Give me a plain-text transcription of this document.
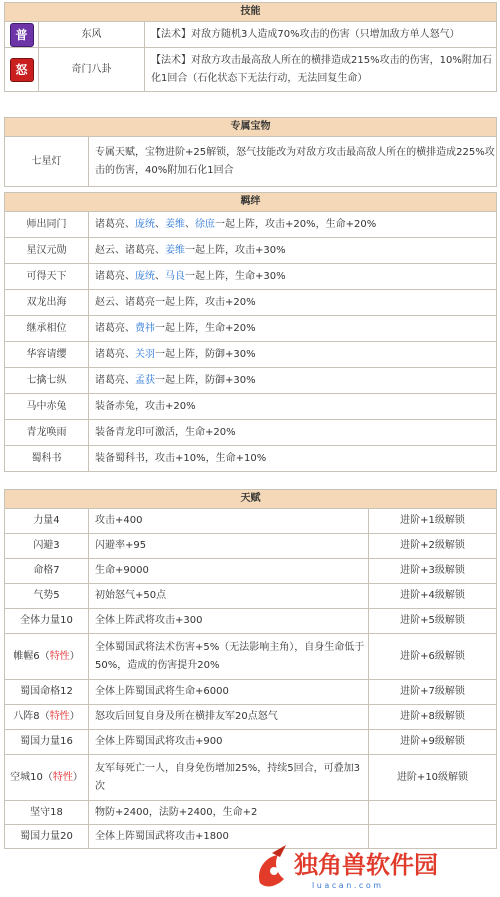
技能		
普	东风	【法术】对敌方随机3人造成70%攻击的伤害（只增加敌方单人怒气）
怒	奇门八卦	【法术】对敌方攻击最高敌人所在的横排造成215%攻击的伤害，10%附加石化1回合（石化状态下无法行动，无法回复生命）
专属宝物
七星灯	专属天赋，宝物进阶+25解锁，怒气技能改为对敌方攻击最高敌人所在的横排造成225%攻击的伤害，40%附加石化1回合
羁绊	
师出同门	诸葛亮、庞统、姜维、徐庶一起上阵，攻击+20%，生命+20%
星汉元勋	赵云、诸葛亮、姜维一起上阵，攻击+30%
可得天下	诸葛亮、庞统、马良一起上阵，生命+30%
双龙出海	赵云、诸葛亮一起上阵，攻击+20%
继承相位	诸葛亮、费祎一起上阵，生命+20%
华容请缨	诸葛亮、关羽一起上阵，防御+30%
七擒七纵	诸葛亮、孟获一起上阵，防御+30%
马中赤兔	装备赤兔，攻击+20%
青龙唤雨	装备青龙印可激活，生命+20%
蜀科书	装备蜀科书，攻击+10%，生命+10%
天赋		
力量4	攻击+400	进阶+1级解锁
闪避3	闪避率+95	进阶+2级解锁
命格7	生命+9000	进阶+3级解锁
气势5	初始怒气+50点	进阶+4级解锁
全体力量10	全体上阵武将攻击+300	进阶+5级解锁
帷幄6（特性）	全体蜀国武将法术伤害+5%（无法影响主角），自身生命低于50%，造成的伤害提升20%	进阶+6级解锁
蜀国命格12	全体上阵蜀国武将生命+6000	进阶+7级解锁
八阵8（特性）	怒攻后回复自身及所在横排友军20点怒气	进阶+8级解锁
蜀国力量16	全体上阵蜀国武将攻击+900	进阶+9级解锁
空城10（特性）	友军每死亡一人，自身免伤增加25%，持续5回合，可叠加3次	进阶+10级解锁
坚守18	物防+2400，法防+2400，生命+2	
蜀国力量20	全体上阵蜀国武将攻击+1800	
独角兽软件园
l u a c a n . c o m
